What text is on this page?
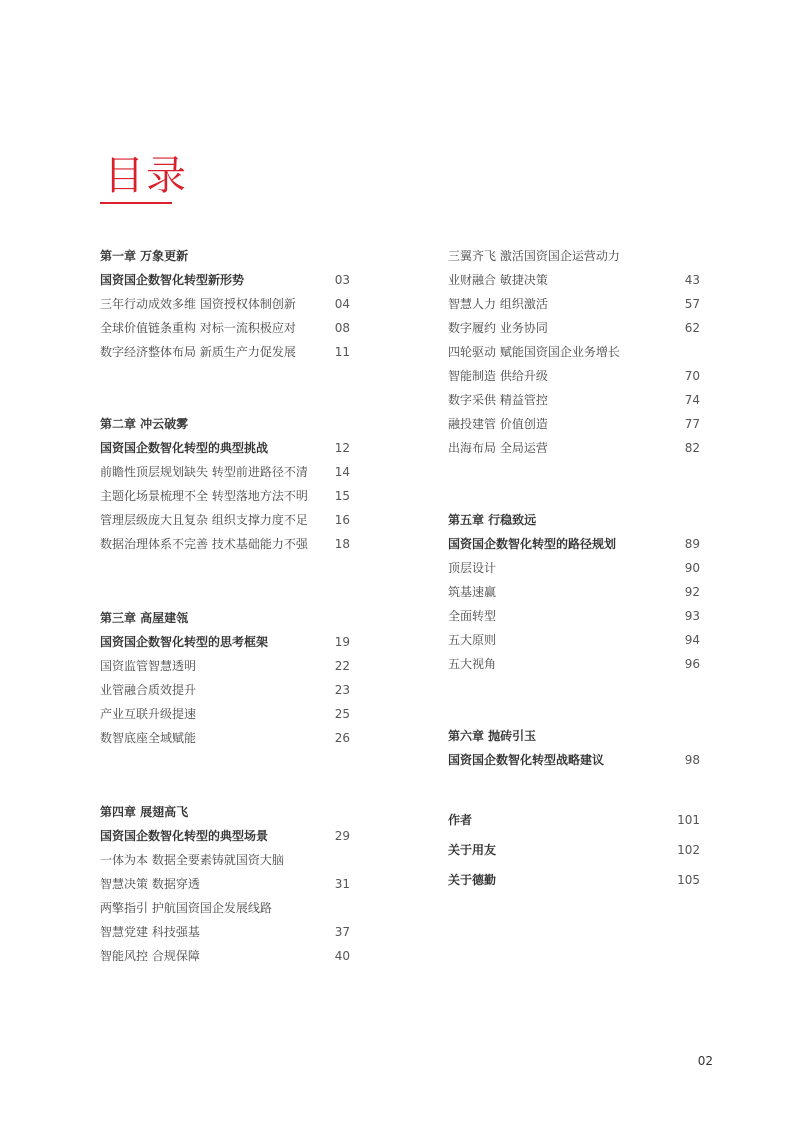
目录
第一章 万象更新
国资国企数智化转型新形势	03
三年行动成效多维 国资授权体制创新	04
全球价值链条重构 对标一流积极应对	08
数字经济整体布局 新质生产力促发展	11
第二章 冲云破雾
国资国企数智化转型的典型挑战	12
前瞻性顶层规划缺失 转型前进路径不清 14
主题化场景梳理不全 转型落地方法不明 15
管理层级庞大且复杂 组织支撑力度不足 16
数据治理体系不完善 技术基础能力不强 18
第三章 高屋建瓴
国资国企数智化转型的思考框架	19
国资监管智慧透明	22
业管融合质效提升	23
产业互联升级提速	25
数智底座全域赋能	26
第四章 展翅高飞
国资国企数智化转型的典型场景	29
一体为本 数据全要素铸就国资大脑
智慧决策 数据穿透	31
两擎指引 护航国资国企发展线路
智慧党建 科技强基	37
智能风控 合规保障	40
三翼齐飞 激活国资国企运营动力
业财融合 敏捷决策	43
智慧人力 组织激活	57
数字履约 业务协同	62
四轮驱动 赋能国资国企业务增长
智能制造 供给升级	70
数字采供 精益管控	74
融投建管 价值创造	77
出海布局 全局运营	82
第五章 行稳致远
国资国企数智化转型的路径规划	89
顶层设计	90
筑基速赢	92
全面转型	93
五大原则	94
五大视角	96
第六章 抛砖引玉
国资国企数智化转型战略建议	98
作者	101
关于用友	102
关于德勤	105
02
